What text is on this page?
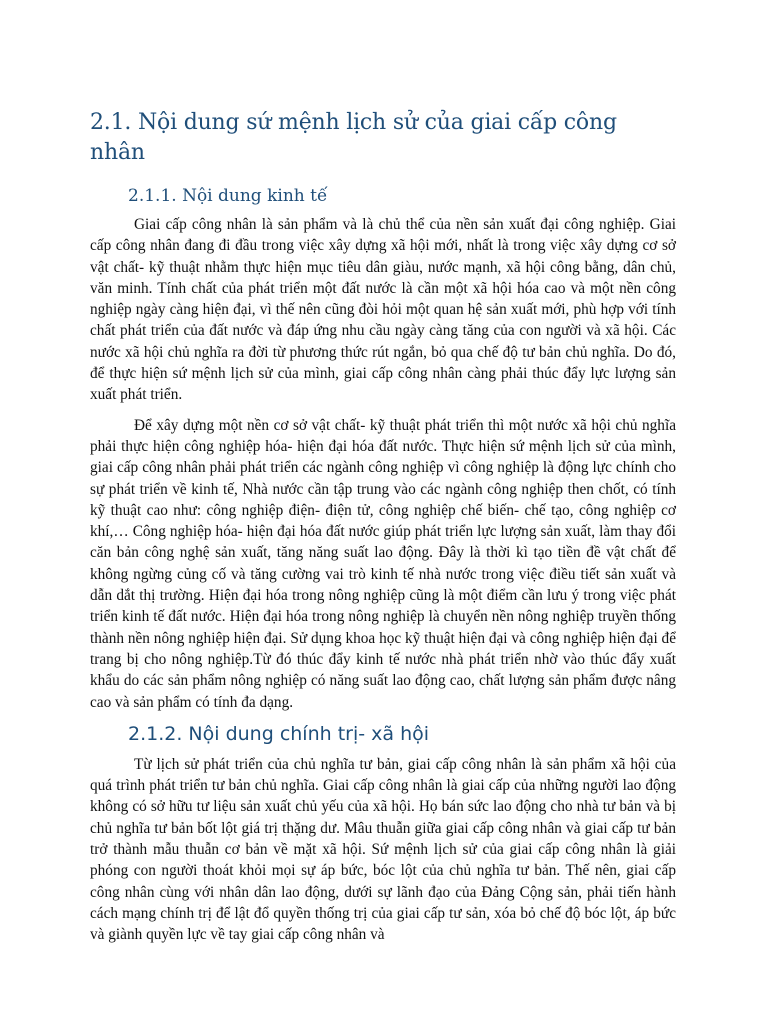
2.1. Nội dung sứ mệnh lịch sử của giai cấp công nhân
2.1.1. Nội dung kinh tế

Giai cấp công nhân là sản phẩm và là chủ thể của nền sản xuất đại công nghiệp. Giai cấp công nhân đang đi đầu trong việc xây dựng xã hội mới, nhất là trong việc xây dựng cơ sở vật chất- kỹ thuật nhằm thực hiện mục tiêu dân giàu, nước mạnh, xã hội công bằng, dân chủ, văn minh. Tính chất của phát triển một đất nước là cần một xã hội hóa cao và một nền công nghiệp ngày càng hiện đại, vì thế nên cũng đòi hỏi một quan hệ sản xuất mới, phù hợp với tính chất phát triển của đất nước và đáp ứng nhu cầu ngày càng tăng của con người và xã hội. Các nước xã hội chủ nghĩa ra đời từ phương thức rút ngắn, bỏ qua chế độ tư bản chủ nghĩa. Do đó, để thực hiện sứ mệnh lịch sử của mình, giai cấp công nhân càng phải thúc đẩy lực lượng sản xuất phát triển.

Để xây dựng một nền cơ sở vật chất- kỹ thuật phát triển thì một nước xã hội chủ nghĩa phải thực hiện công nghiệp hóa- hiện đại hóa đất nước. Thực hiện sứ mệnh lịch sử của mình, giai cấp công nhân phải phát triển các ngành công nghiệp vì công nghiệp là động lực chính cho sự phát triển về kinh tế, Nhà nước cần tập trung vào các ngành công nghiệp then chốt, có tính kỹ thuật cao như: công nghiệp điện- điện tử, công nghiệp chế biến- chế tạo, công nghiệp cơ khí,… Công nghiệp hóa- hiện đại hóa đất nước giúp phát triển lực lượng sản xuất, làm thay đổi căn bản công nghệ sản xuất, tăng năng suất lao động. Đây là thời kì tạo tiền đề vật chất để không ngừng củng cố và tăng cường vai trò kinh tế nhà nước trong việc điều tiết sản xuất và dẫn dắt thị trường. Hiện đại hóa trong nông nghiệp cũng là một điểm cần lưu ý trong việc phát triển kinh tế đất nước. Hiện đại hóa trong nông nghiệp là chuyển nền nông nghiệp truyền thống thành nền nông nghiệp hiện đại. Sử dụng khoa học kỹ thuật hiện đại và công nghiệp hiện đại để trang bị cho nông nghiệp.Từ đó thúc đẩy kinh tế nước nhà phát triển nhờ vào thúc đẩy xuất khẩu do các sản phẩm nông nghiệp có năng suất lao động cao, chất lượng sản phẩm được nâng cao và sản phẩm có tính đa dạng.

2.1.2. Nội dung chính trị- xã hội

Từ lịch sử phát triển của chủ nghĩa tư bản, giai cấp công nhân là sản phẩm xã hội của quá trình phát triển tư bản chủ nghĩa. Giai cấp công nhân là giai cấp của những người lao động không có sở hữu tư liệu sản xuất chủ yếu của xã hội. Họ bán sức lao động cho nhà tư bản và bị chủ nghĩa tư bản bốt lột giá trị thặng dư. Mâu thuẫn giữa giai cấp công nhân và giai cấp tư bản trở thành mẫu thuẫn cơ bản về mặt xã hội. Sứ mệnh lịch sử của giai cấp công nhân là giải phóng con người thoát khỏi mọi sự áp bức, bóc lột của chủ nghĩa tư bản. Thế nên, giai cấp công nhân cùng với nhân dân lao động, dưới sự lãnh đạo của Đảng Cộng sản, phải tiến hành cách mạng chính trị để lật đổ quyền thống trị của giai cấp tư sản, xóa bỏ chế độ bóc lột, áp bức và giành quyền lực về tay giai cấp công nhân và
